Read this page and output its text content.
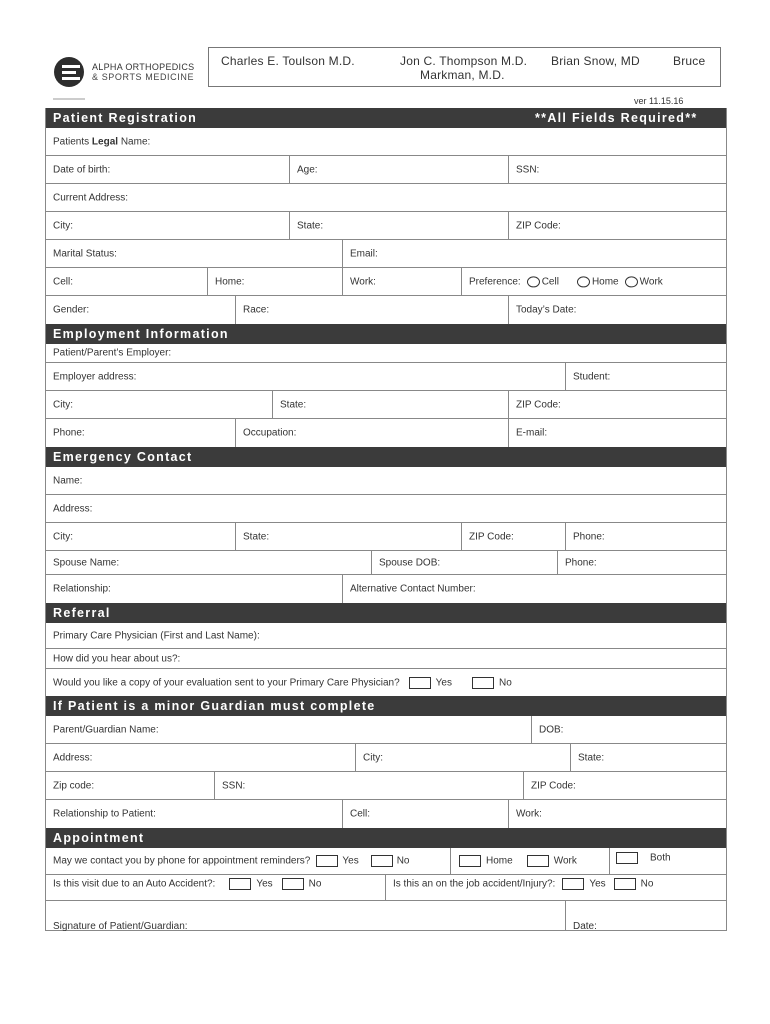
ALPHA ORTHOPEDICS
& SPORTS MEDICINE
Charles E. Toulson M.D.	Jon C. Thompson M.D. Brian Snow, MD	Bruce
Markman, M.D.
ver 11.15.16
Patient Registration	**All Fields Required**
Patients Legal Name:
Date of birth:	Age:	SSN:
Current Address:
City:	State:	ZIP Code:
Marital Status:	Email:
Cell:	Home:	Work:	Preference: Cell	Home Work
Gender:	Race:	Today’s Date:
Employment Information
Patient/Parent’s Employer:
Employer address:	Student:
City:	State:	ZIP Code:
Phone:	Occupation:	E-mail:
Emergency Contact
Name:
Address:
City:	State:	ZIP Code:	Phone:
Spouse Name:	Spouse DOB:	Phone:
Relationship:	Alternative Contact Number:
Referral
Primary Care Physician (First and Last Name):
How did you hear about us?:
Would you like a copy of your evaluation sent to your Primary Care Physician?	Yes	No
If Patient is a minor Guardian must complete
Parent/Guardian Name:	DOB:
Address:	City:	State:
Zip code:	SSN:	ZIP Code:
Relationship to Patient:	Cell:	Work:
Appointment
May we contact you by phone for appointment reminders?	Yes	No	Home	Work	Both
Is this visit due to an Auto Accident?:	Yes	No	Is this an on the job accident/Injury?:	Yes	No
Signature of Patient/Guardian:	Date:
